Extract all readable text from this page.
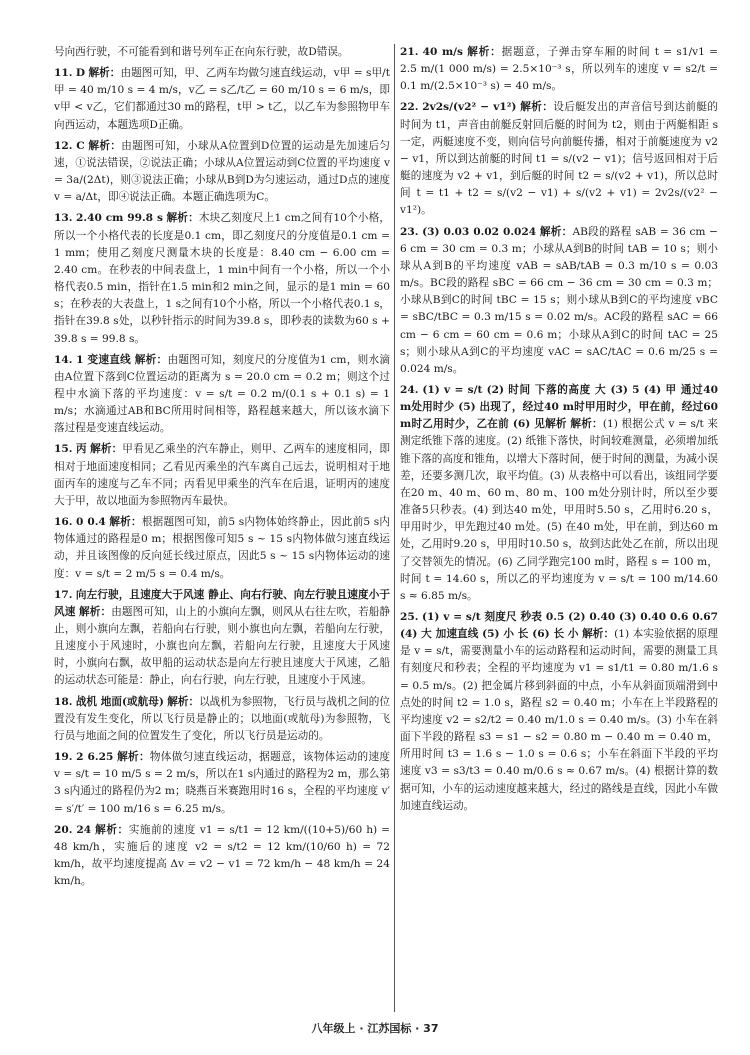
号向西行驶，不可能看到和谐号列车正在向东行驶，故D错误。
11. D 解析：由题图可知，甲、乙两车均做匀速直线运动，v甲 = s甲/t甲 = 40 m/10 s = 4 m/s，v乙 = s乙/t乙 = 60 m/10 s = 6 m/s，即 v甲 < v乙，它们都通过30 m的路程，t甲 > t乙，以乙车为参照物甲车向西运动，本题选项D正确。
12. C 解析：由题图可知，小球从A位置到D位置的运动是先加速后匀速，①说法错误，②说法正确；小球从A位置运动到C位置的平均速度 v = 3a/(2Δt)，则③说法正确；小球从B到D为匀速运动，通过D点的速度 v = a/Δt，即④说法正确。本题正确选项为C。
13. 2.40 cm 99.8 s 解析：木块乙刻度尺上1 cm之间有10个小格，所以一个小格代表的长度是0.1 cm，即乙刻度尺的分度值是0.1 cm = 1 mm；使用乙刻度尺测量木块的长度是：8.40 cm − 6.00 cm = 2.40 cm。在秒表的中间表盘上，1 min中间有一个小格，所以一个小格代表0.5 min，指针在1.5 min和2 min之间，显示的是1 min = 60 s；在秒表的大表盘上，1 s之间有10个小格，所以一个小格代表0.1 s，指针在39.8 s处，以秒针指示的时间为39.8 s，即秒表的读数为60 s + 39.8 s = 99.8 s。
14. 1 变速直线 解析：由题图可知，刻度尺的分度值为1 cm，则水滴由A位置下落到C位置运动的距离为 s = 20.0 cm = 0.2 m；则这个过程中水滴下落的平均速度：v = s/t = 0.2 m/(0.1 s + 0.1 s) = 1 m/s；水滴通过AB和BC所用时间相等，路程越来越大，所以该水滴下落过程是变速直线运动。
15. 丙 解析：甲看见乙乘坐的汽车静止，则甲、乙两车的速度相同，即相对于地面速度相同；乙看见丙乘坐的汽车离自己远去，说明相对于地面丙车的速度与乙车不同；丙看见甲乘坐的汽车在后退，证明丙的速度大于甲，故以地面为参照物丙车最快。
16. 0 0.4 解析：根据题图可知，前5 s内物体始终静止，因此前5 s内物体通过的路程是0 m；根据图像可知5 s ~ 15 s内物体做匀速直线运动，并且该图像的反向延长线过原点，因此5 s ~ 15 s内物体运动的速度：v = s/t = 2 m/5 s = 0.4 m/s。
17. 向左行驶，且速度大于风速 静止、向右行驶、向左行驶且速度小于风速 解析：由题图可知，山上的小旗向左飘，则风从右往左吹，若船静止，则小旗向左飘，若船向右行驶，则小旗也向左飘，若船向左行驶，且速度小于风速时，小旗也向左飘，若船向左行驶，且速度大于风速时，小旗向右飘，故甲船的运动状态是向左行驶且速度大于风速，乙船的运动状态可能是：静止，向右行驶，向左行驶，且速度小于风速。
18. 战机 地面(或航母) 解析：以战机为参照物，飞行员与战机之间的位置没有发生变化，所以飞行员是静止的；以地面(或航母)为参照物，飞行员与地面之间的位置发生了变化，所以飞行员是运动的。
19. 2 6.25 解析：物体做匀速直线运动，据题意，该物体运动的速度 v = s/t = 10 m/5 s = 2 m/s，所以在1 s内通过的路程为2 m，那么第3 s内通过的路程仍为2 m；晓燕百米赛跑用时16 s，全程的平均速度 v′ = s′/t′ = 100 m/16 s = 6.25 m/s。
20. 24 解析：实施前的速度 v1 = s/t1 = 12 km/((10+5)/60 h) = 48 km/h，实施后的速度 v2 = s/t2 = 12 km/(10/60 h) = 72 km/h，故平均速度提高 Δv = v2 − v1 = 72 km/h − 48 km/h = 24 km/h。
21. 40 m/s 解析：据题意，子弹击穿车厢的时间 t = s1/v1 = 2.5 m/(1 000 m/s) = 2.5×10⁻³ s，所以列车的速度 v = s2/t = 0.1 m/(2.5×10⁻³ s) = 40 m/s。
22. 2v2s/(v2² − v1²) 解析：设后艇发出的声音信号到达前艇的时间为 t1，声音由前艇反射回后艇的时间为 t2，则由于两艇相距 s 一定，两艇速度不变，则向信号向前艇传播，相对于前艇速度为 v2 − v1，所以到达前艇的时间 t1 = s/(v2 − v1)；信号返回相对于后艇的速度为 v2 + v1，到后艇的时间 t2 = s/(v2 + v1)，所以总时间 t = t1 + t2 = s/(v2 − v1) + s/(v2 + v1) = 2v2s/(v2² − v1²)。
23. (3) 0.03 0.02 0.024 解析：AB段的路程 sAB = 36 cm − 6 cm = 30 cm = 0.3 m；小球从A到B的时间 tAB = 10 s；则小球从A到B的平均速度 vAB = sAB/tAB = 0.3 m/10 s = 0.03 m/s。BC段的路程 sBC = 66 cm − 36 cm = 30 cm = 0.3 m；小球从B到C的时间 tBC = 15 s；则小球从B到C的平均速度 vBC = sBC/tBC = 0.3 m/15 s = 0.02 m/s。AC段的路程 sAC = 66 cm − 6 cm = 60 cm = 0.6 m；小球从A到C的时间 tAC = 25 s；则小球从A到C的平均速度 vAC = sAC/tAC = 0.6 m/25 s = 0.024 m/s。
24. (1) v = s/t (2) 时间 下落的高度 大 (3) 5 (4) 甲 通过40 m处用时少 (5) 出现了，经过40 m时甲用时少，甲在前，经过60 m时乙用时少，乙在前 (6) 见解析 解析：(1) 根据公式 v = s/t 来测定纸锥下落的速度。(2) 纸锥下落快，时间较难测量，必须增加纸锥下落的高度和锥角，以增大下落时间，便于时间的测量，为减小误差，还要多测几次，取平均值。(3) 从表格中可以看出，该组同学要在20 m、40 m、60 m、80 m、100 m处分别计时，所以至少要准备5只秒表。(4) 到达40 m处，甲用时5.50 s，乙用时6.20 s，甲用时少，甲先跑过40 m处。(5) 在40 m处，甲在前，到达60 m处，乙用时9.20 s，甲用时10.50 s，故到达此处乙在前，所以出现了交替领先的情况。(6) 乙同学跑完100 m时，路程 s = 100 m，时间 t = 14.60 s，所以乙的平均速度为 v = s/t = 100 m/14.60 s ≈ 6.85 m/s。
25. (1) v = s/t 刻度尺 秒表 0.5 (2) 0.40 (3) 0.40 0.6 0.67 (4) 大 加速直线 (5) 小 长 (6) 长 小 解析：(1) 本实验依据的原理是 v = s/t，需要测量小车的运动路程和运动时间，需要的测量工具有刻度尺和秒表；全程的平均速度为 v1 = s1/t1 = 0.80 m/1.6 s = 0.5 m/s。(2) 把金属片移到斜面的中点，小车从斜面顶端滑到中点处的时间 t2 = 1.0 s，路程 s2 = 0.40 m；小车在上半段路程的平均速度 v2 = s2/t2 = 0.40 m/1.0 s = 0.40 m/s。(3) 小车在斜面下半段的路程 s3 = s1 − s2 = 0.80 m − 0.40 m = 0.40 m，所用时间 t3 = 1.6 s − 1.0 s = 0.6 s；小车在斜面下半段的平均速度 v3 = s3/t3 = 0.40 m/0.6 s ≈ 0.67 m/s。(4) 根据计算的数据可知，小车的运动速度越来越大，经过的路线是直线，因此小车做加速直线运动。
八年级上 · 江苏国标 · 37
